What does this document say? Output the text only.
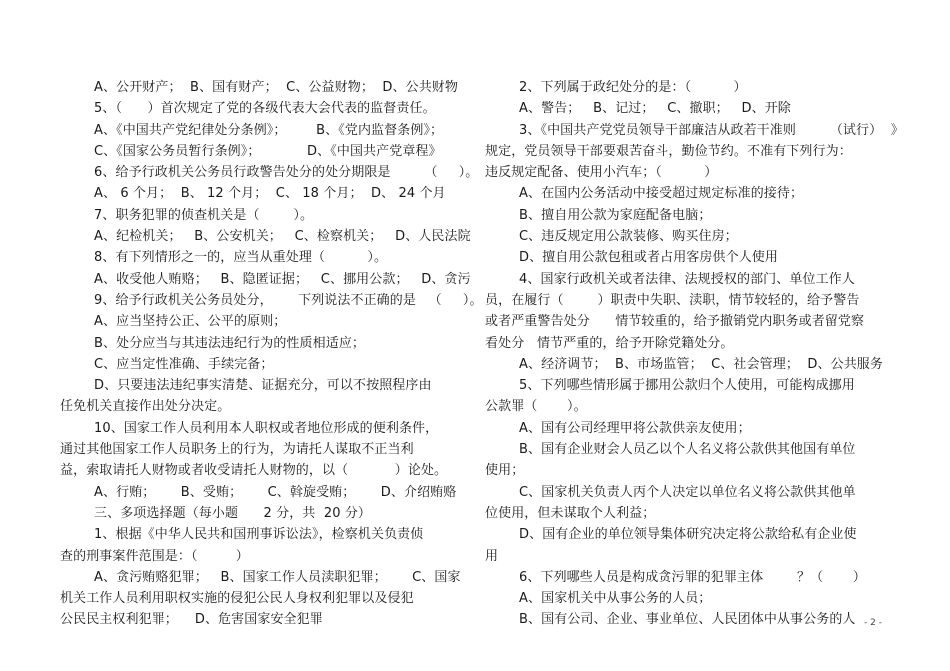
A、公开财产；  B、国有财产；  C、公益财物；  D、公共财物
5、（      ）首次规定了党的各级代表大会代表的监督责任。
A、《中国共产党纪律处分条例》；       B、《党内监督条例》；
C、《国家公务员暂行条例》；           D、《中国共产党章程》
6、给予行政机关公务员行政警告处分的处分期限是        （     ）。
A、 6 个月；  B、 12 个月；  C、 18 个月；  D、 24 个月
7、职务犯罪的侦查机关是（        ）。
A、纪检机关；   B、公安机关；   C、检察机关；   D、人民法院
8、有下列情形之一的，应当从重处理（          ）。
A、收受他人贿赂；   B、隐匿证据；   C、挪用公款；   D、贪污
9、给予行政机关公务员处分，      下列说法不正确的是   （     ）。
A、应当坚持公正、公平的原则；
B、处分应当与其违法违纪行为的性质相适应；
C、应当定性准确、手续完备；
D、只要违法违纪事实清楚、证据充分，可以不按照程序由
任免机关直接作出处分决定。
10、国家工作人员利用本人职权或者地位形成的便利条件，
通过其他国家工作人员职务上的行为，为请托人谋取不正当利
益，索取请托人财物或者收受请托人财物的，以（           ）论处。
A、行贿；      B、受贿；      C、斡旋受贿；      D、介绍贿赂
三、多项选择题（每小题      2 分，共  20 分）
1、根据《中华人民共和国刑事诉讼法》，检察机关负责侦
查的刑事案件范围是：（         ）
A、贪污贿赂犯罪；   B、国家工作人员渎职犯罪；      C、国家
机关工作人员利用职权实施的侵犯公民人身权利犯罪以及侵犯
公民民主权利犯罪；    D、危害国家安全犯罪
2、下列属于政纪处分的是：（          ）
A、警告；   B、记过；   C、撤职；   D、开除
3、《中国共产党党员领导干部廉洁从政若干准则        （试行）  》
规定，党员领导干部要艰苦奋斗，勤俭节约。不准有下列行为：
违反规定配备、使用小汽车；（          ）
A、在国内公务活动中接受超过规定标准的接待；
B、擅自用公款为家庭配备电脑；
C、违反规定用公款装修、购买住房；
D、擅自用公款包租或者占用客房供个人使用
4、国家行政机关或者法律、法规授权的部门、单位工作人
员，在履行（        ）职责中失职、渎职，情节较轻的，给予警告
或者严重警告处分      情节较重的，给予撤销党内职务或者留党察
看处分   情节严重的，给予开除党籍处分。
A、经济调节；  B、市场监管；  C、社会管理；  D、公共服务
5、下列哪些情形属于挪用公款归个人使用，可能构成挪用
公款罪（       ）。
A、国有公司经理甲将公款供亲友使用；
B、国有企业财会人员乙以个人名义将公款供其他国有单位
使用；
C、国家机关负责人丙个人决定以单位名义将公款供其他单
位使用，但未谋取个人利益；
D、国有企业的单位领导集体研究决定将公款给私有企业使
用
6、下列哪些人员是构成贪污罪的犯罪主体        ？（       ）
A、国家机关中从事公务的人员；
B、国有公司、企业、事业单位、人民团体中从事公务的人 - 2 -
